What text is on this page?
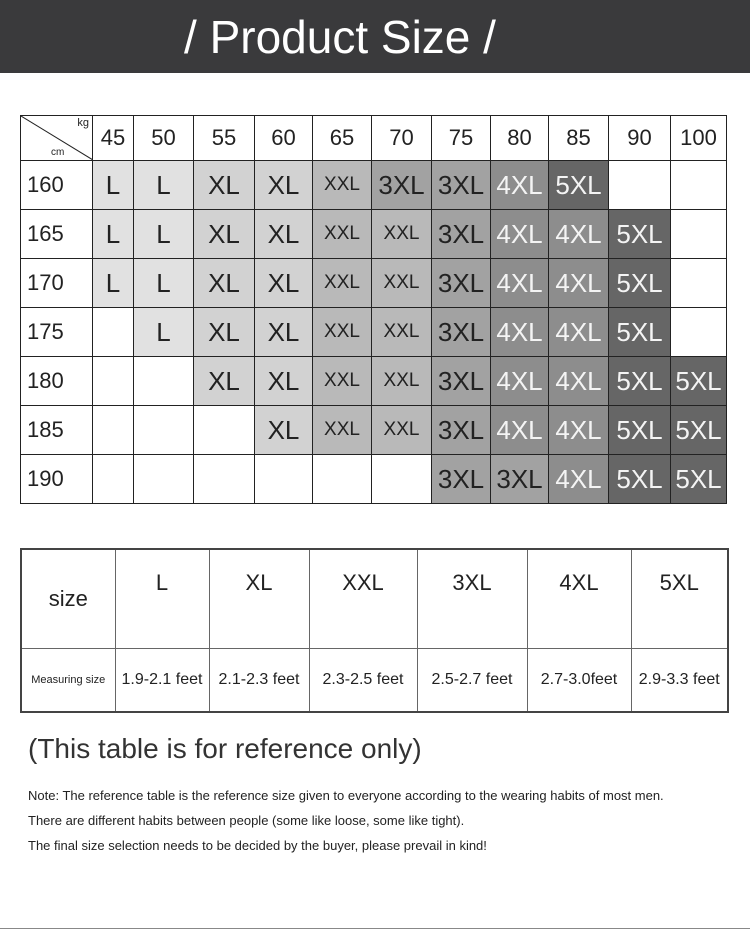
/ Product Size /
kg
cm	45	50	55	60	65	70	75	80	85	90	100
160	L	L	XL	XL	XXL	3XL	3XL	4XL	5XL		
165	L	L	XL	XL	XXL	XXL	3XL	4XL	4XL	5XL	
170	L	L	XL	XL	XXL	XXL	3XL	4XL	4XL	5XL	
175		L	XL	XL	XXL	XXL	3XL	4XL	4XL	5XL	
180			XL	XL	XXL	XXL	3XL	4XL	4XL	5XL	5XL
185				XL	XXL	XXL	3XL	4XL	4XL	5XL	5XL
190							3XL	3XL	4XL	5XL	5XL
size	L	XL	XXL	3XL	4XL	5XL
Measuring size	1.9-2.1 feet	2.1-2.3 feet	2.3-2.5 feet	2.5-2.7 feet	2.7-3.0feet	2.9-3.3 feet
(This table is for reference only)
Note: The reference table is the reference size given to everyone according to the wearing habits of most men.
There are different habits between people (some like loose, some like tight).
The final size selection needs to be decided by the buyer, please prevail in kind!
